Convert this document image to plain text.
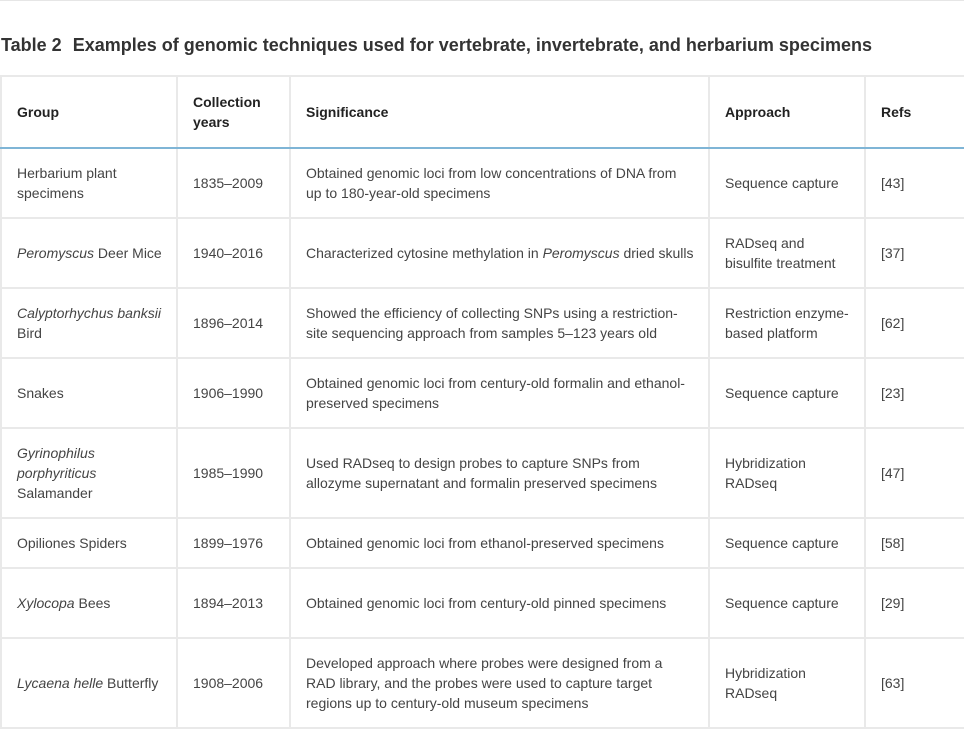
Table 2 Examples of genomic techniques used for vertebrate, invertebrate, and herbarium specimens
Group	Collection years	Significance	Approach	Refs
Herbarium plant specimens	1835–2009	Obtained genomic loci from low concentrations of DNA from up to 180-year-old specimens	Sequence capture	[43]
Peromyscus Deer Mice	1940–2016	Characterized cytosine methylation in Peromyscus dried skulls	RADseq and bisulfite treatment	[37]
Calyptorhychus banksii Bird	1896–2014	Showed the efficiency of collecting SNPs using a restriction-site sequencing approach from samples 5–123 years old	Restriction enzyme-based platform	[62]
Snakes	1906–1990	Obtained genomic loci from century-old formalin and ethanol-preserved specimens	Sequence capture	[23]
Gyrinophilus porphyriticus Salamander	1985–1990	Used RADseq to design probes to capture SNPs from allozyme supernatant and formalin preserved specimens	Hybridization RADseq	[47]
Opiliones Spiders	1899–1976	Obtained genomic loci from ethanol-preserved specimens	Sequence capture	[58]
Xylocopa Bees	1894–2013	Obtained genomic loci from century-old pinned specimens	Sequence capture	[29]
Lycaena helle Butterfly	1908–2006	Developed approach where probes were designed from a RAD library, and the probes were used to capture target regions up to century-old museum specimens	Hybridization RADseq	[63]
